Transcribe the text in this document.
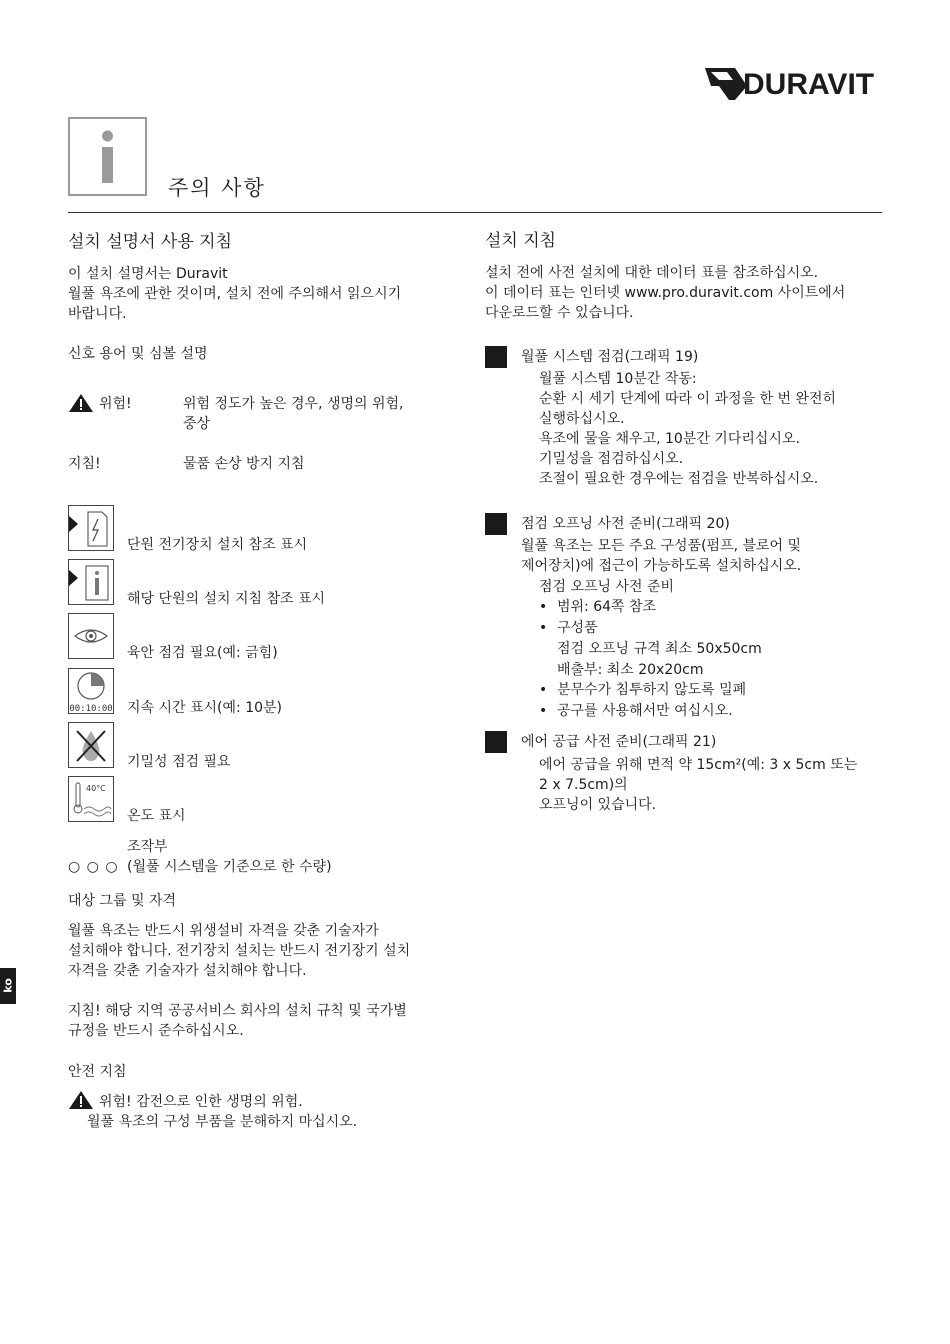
DURAVIT
주의 사항
설치 설명서 사용 지침
이 설치 설명서는 Duravit
월풀 욕조에 관한 것이며, 설치 전에 주의해서 읽으시기
바랍니다.
신호 용어 및 심볼 설명
위험!	위험 정도가 높은 경우, 생명의 위험,
중상
지침!	물품 손상 방지 지침
단원 전기장치 설치 참조 표시
해당 단원의 설치 지침 참조 표시
육안 점검 필요(예: 긁힘)
00:10:00 지속 시간 표시(예: 10분)
기밀성 점검 필요
40°C
온도 표시
조작부
○ ○ ○ (월풀 시스템을 기준으로 한 수량)
대상 그룹 및 자격
월풀 욕조는 반드시 위생설비 자격을 갖춘 기술자가
설치해야 합니다. 전기장치 설치는 반드시 전기장기 설치
자격을 갖춘 기술자가 설치해야 합니다.
지침! 해당 지역 공공서비스 회사의 설치 규칙 및 국가별
규정을 반드시 준수하십시오.
안전 지침
위험! 감전으로 인한 생명의 위험.
월풀 욕조의 구성 부품을 분해하지 마십시오.
설치 지침
설치 전에 사전 설치에 대한 데이터 표를 참조하십시오.
이 데이터 표는 인터넷 www.pro.duravit.com 사이트에서
다운로드할 수 있습니다.
월풀 시스템 점검(그래픽 19)
월풀 시스템 10분간 작동:
순환 시 세기 단계에 따라 이 과정을 한 번 완전히
실행하십시오.
욕조에 물을 채우고, 10분간 기다리십시오.
기밀성을 점검하십시오.
조절이 필요한 경우에는 점검을 반복하십시오.
점검 오프닝 사전 준비(그래픽 20)
월풀 욕조는 모든 주요 구성품(펌프, 블로어 및
제어장치)에 접근이 가능하도록 설치하십시오.
점검 오프닝 사전 준비
• 범위: 64쪽 참조
• 구성품
점검 오프닝 규격 최소 50x50cm
배출부: 최소 20x20cm
• 분무수가 침투하지 않도록 밀폐
• 공구를 사용해서만 여십시오.
에어 공급 사전 준비(그래픽 21)
에어 공급을 위해 면적 약 15cm²(예: 3 x 5cm 또는
2 x 7.5cm)의
오프닝이 있습니다.
ko
